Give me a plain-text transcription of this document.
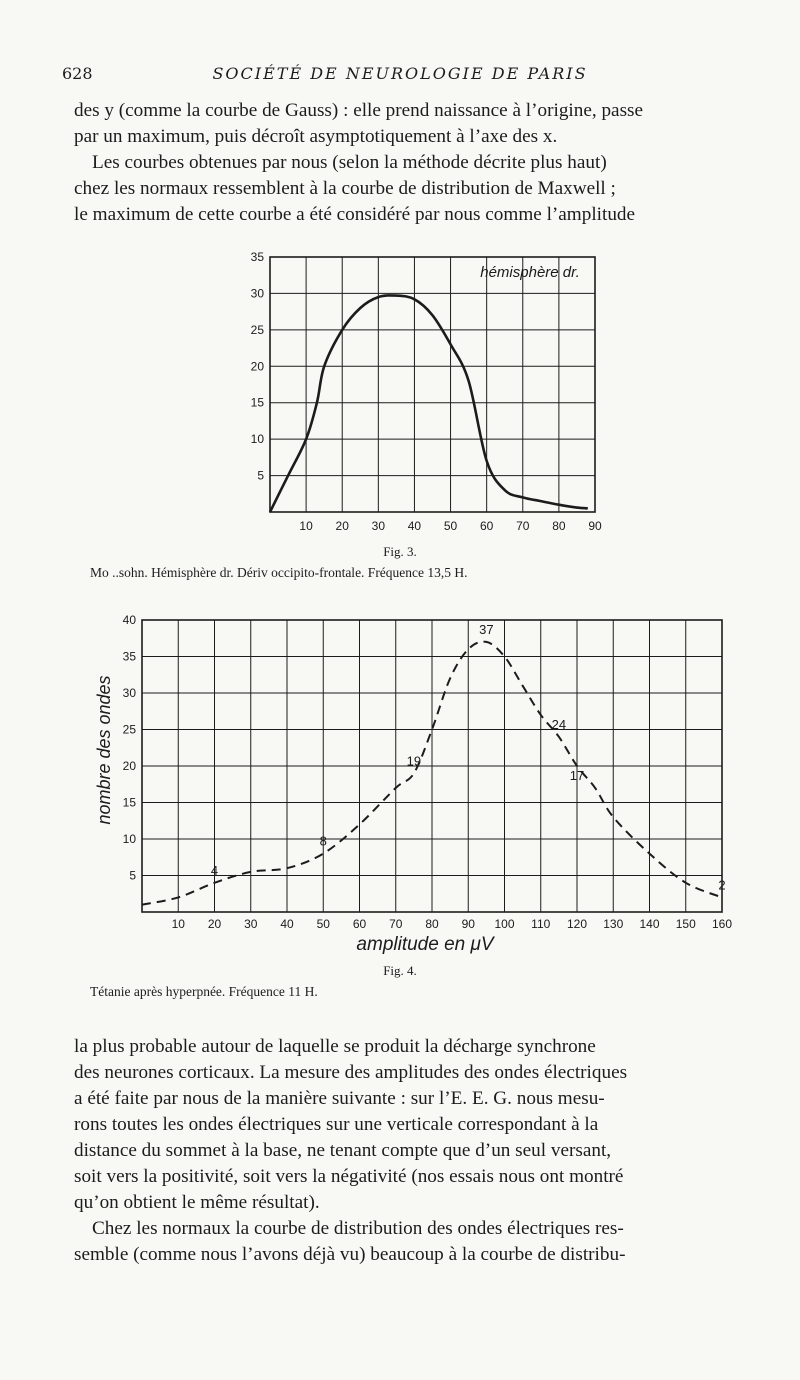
628	SOCIÉTÉ DE NEUROLOGIE DE PARIS
des y (comme la courbe de Gauss) : elle prend naissance à l’origine, passe
par un maximum, puis décroît asymptotiquement à l’axe des x.
Les courbes obtenues par nous (selon la méthode décrite plus haut)
chez les normaux ressemblent à la courbe de distribution de Maxwell ;
le maximum de cette courbe a été considéré par nous comme l’amplitude
10 20 30 40 50 60 70 80 90
5
10
15
20
25
30
35
hémisphère dr.
Fig. 3.
Mo ..sohn. Hémisphère dr. Dériv occipito-frontale. Fréquence 13,5 H.
10 20 30 40 50 60 70 80 90 100 110 120 130 140 150 160
5
10
15
20
25
30
35
40
4
8
19
37
24
17
2
amplitude en μV
nombre des ondes
Fig. 4.
Tétanie après hyperpnée. Fréquence 11 H.
la plus probable autour de laquelle se produit la décharge synchrone
des neurones corticaux. La mesure des amplitudes des ondes électriques
a été faite par nous de la manière suivante : sur l’E. E. G. nous mesu-
rons toutes les ondes électriques sur une verticale correspondant à la
distance du sommet à la base, ne tenant compte que d’un seul versant,
soit vers la positivité, soit vers la négativité (nos essais nous ont montré
qu’on obtient le même résultat).
Chez les normaux la courbe de distribution des ondes électriques res-
semble (comme nous l’avons déjà vu) beaucoup à la courbe de distribu-
